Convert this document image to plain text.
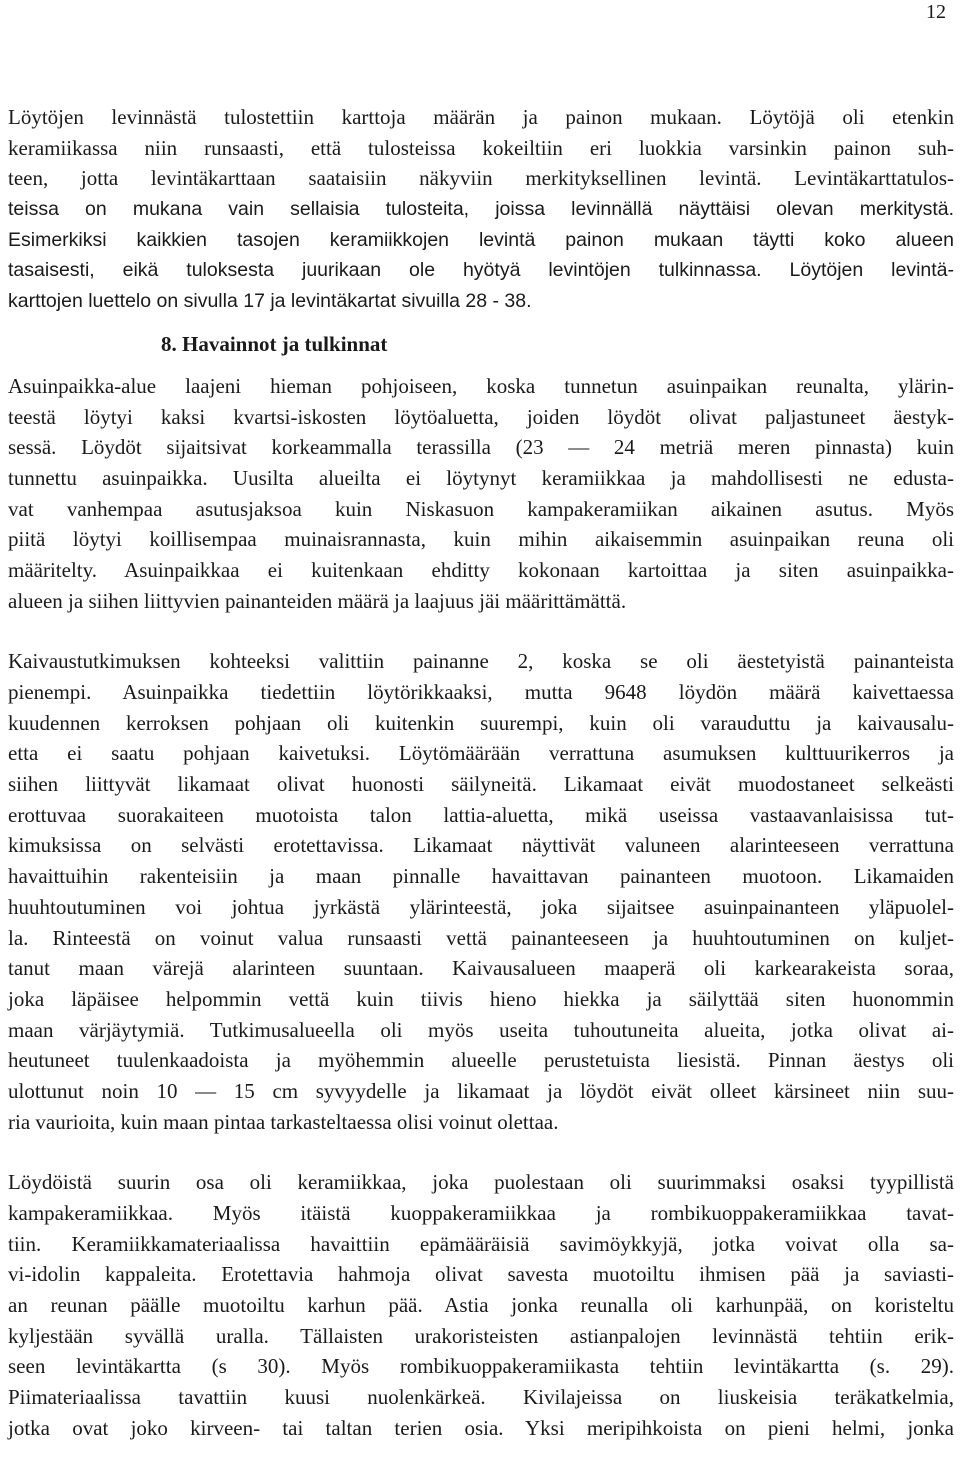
12
Löytöjen levinnästä tulostettiin karttoja määrän ja painon mukaan. Löytöjä oli etenkin
keramiikassa niin runsaasti, että tulosteissa kokeiltiin eri luokkia varsinkin painon suh-
teen, jotta levintäkarttaan saataisiin näkyviin merkityksellinen levintä. Levintäkarttatulos-
teissa on mukana vain sellaisia tulosteita, joissa levinnällä näyttäisi olevan merkitystä.
Esimerkiksi kaikkien tasojen keramiikkojen levintä painon mukaan täytti koko alueen
tasaisesti, eikä tuloksesta juurikaan ole hyötyä levintöjen tulkinnassa. Löytöjen levintä-
karttojen luettelo on sivulla 17 ja levintäkartat sivuilla 28 - 38.
8. Havainnot ja tulkinnat
Asuinpaikka-alue laajeni hieman pohjoiseen, koska tunnetun asuinpaikan reunalta, ylärin-
teestä löytyi kaksi kvartsi-iskosten löytöaluetta, joiden löydöt olivat paljastuneet äestyk-
sessä. Löydöt sijaitsivat korkeammalla terassilla (23 — 24 metriä meren pinnasta) kuin
tunnettu asuinpaikka. Uusilta alueilta ei löytynyt keramiikkaa ja mahdollisesti ne edusta-
vat vanhempaa asutusjaksoa kuin Niskasuon kampakeramiikan aikainen asutus. Myös
piitä löytyi koillisempaa muinaisrannasta, kuin mihin aikaisemmin asuinpaikan reuna oli
määritelty. Asuinpaikkaa ei kuitenkaan ehditty kokonaan kartoittaa ja siten asuinpaikka-
alueen ja siihen liittyvien painanteiden määrä ja laajuus jäi määrittämättä.
Kaivaustutkimuksen kohteeksi valittiin painanne 2, koska se oli äestetyistä painanteista
pienempi. Asuinpaikka tiedettiin löytörikkaaksi, mutta 9648 löydön määrä kaivettaessa
kuudennen kerroksen pohjaan oli kuitenkin suurempi, kuin oli varauduttu ja kaivausalu-
etta ei saatu pohjaan kaivetuksi. Löytömäärään verrattuna asumuksen kulttuurikerros ja
siihen liittyvät likamaat olivat huonosti säilyneitä. Likamaat eivät muodostaneet selkeästi
erottuvaa suorakaiteen muotoista talon lattia-aluetta, mikä useissa vastaavanlaisissa tut-
kimuksissa on selvästi erotettavissa. Likamaat näyttivät valuneen alarinteeseen verrattuna
havaittuihin rakenteisiin ja maan pinnalle havaittavan painanteen muotoon. Likamaiden
huuhtoutuminen voi johtua jyrkästä ylärinteestä, joka sijaitsee asuinpainanteen yläpuolel-
la. Rinteestä on voinut valua runsaasti vettä painanteeseen ja huuhtoutuminen on kuljet-
tanut maan värejä alarinteen suuntaan. Kaivausalueen maaperä oli karkearakeista soraa,
joka läpäisee helpommin vettä kuin tiivis hieno hiekka ja säilyttää siten huonommin
maan värjäytymiä. Tutkimusalueella oli myös useita tuhoutuneita alueita, jotka olivat ai-
heutuneet tuulenkaadoista ja myöhemmin alueelle perustetuista liesistä. Pinnan äestys oli
ulottunut noin 10 — 15 cm syvyydelle ja likamaat ja löydöt eivät olleet kärsineet niin suu-
ria vaurioita, kuin maan pintaa tarkasteltaessa olisi voinut olettaa.
Löydöistä suurin osa oli keramiikkaa, joka puolestaan oli suurimmaksi osaksi tyypillistä
kampakeramiikkaa. Myös itäistä kuoppakeramiikkaa ja rombikuoppakeramiikkaa tavat-
tiin. Keramiikkamateriaalissa havaittiin epämääräisiä savimöykkyjä, jotka voivat olla sa-
vi-idolin kappaleita. Erotettavia hahmoja olivat savesta muotoiltu ihmisen pää ja saviasti-
an reunan päälle muotoiltu karhun pää. Astia jonka reunalla oli karhunpää, on koristeltu
kyljestään syvällä uralla. Tällaisten urakoristeisten astianpalojen levinnästä tehtiin erik-
seen levintäkartta (s 30). Myös rombikuoppakeramiikasta tehtiin levintäkartta (s. 29).
Piimateriaalissa tavattiin kuusi nuolenkärkeä. Kivilajeissa on liuskeisia teräkatkelmia,
jotka ovat joko kirveen- tai taltan terien osia. Yksi meripihkoista on pieni helmi, jonka
